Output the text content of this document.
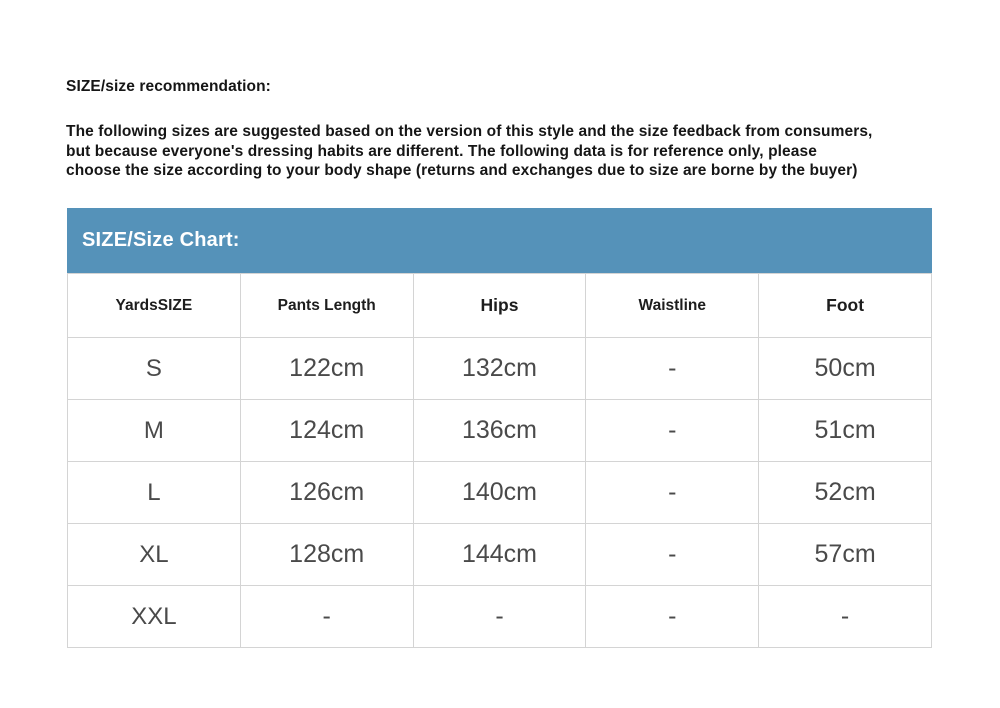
SIZE/size recommendation:
The following sizes are suggested based on the version of this style and the size feedback from consumers,
but because everyone's dressing habits are different. The following data is for reference only, please
choose the size according to your body shape (returns and exchanges due to size are borne by the buyer)
SIZE/Size Chart:
YardsSIZE	Pants Length	Hips	Waistline	Foot
S	122cm	132cm	-	50cm
M	124cm	136cm	-	51cm
L	126cm	140cm	-	52cm
XL	128cm	144cm	-	57cm
XXL	-	-	-	-
